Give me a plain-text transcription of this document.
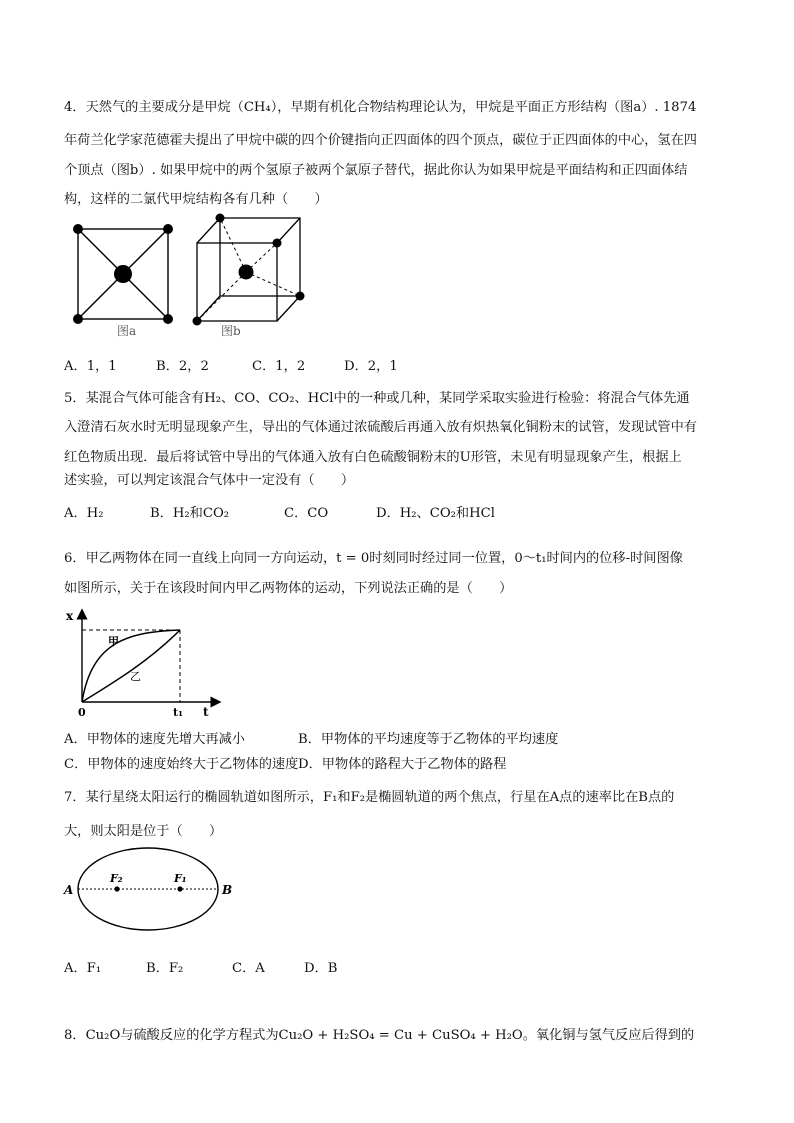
4．天然气的主要成分是甲烷（CH₄），早期有机化合物结构理论认为，甲烷是平面正方形结构（图a）. 1874
年荷兰化学家范德霍夫提出了甲烷中碳的四个价键指向正四面体的四个顶点，碳位于正四面体的中心，氢在四
个顶点（图b）. 如果甲烷中的两个氢原子被两个氯原子替代，据此你认为如果甲烷是平面结构和正四面体结
构，这样的二氯代甲烷结构各有几种（　　）
图a	图b
A．1，1	B．2，2	C．1，2	D．2，1
5．某混合气体可能含有H₂、CO、CO₂、HCl中的一种或几种，某同学采取实验进行检验：将混合气体先通
入澄清石灰水时无明显现象产生，导出的气体通过浓硫酸后再通入放有炽热氧化铜粉末的试管，发现试管中有
红色物质出现．最后将试管中导出的气体通入放有白色硫酸铜粉末的U形管，未见有明显现象产生，根据上
述实验，可以判定该混合气体中一定没有（　　）
A．H₂	B．H₂和CO₂	C．CO	D．H₂、CO₂和HCl
6．甲乙两物体在同一直线上向同一方向运动，t = 0时刻同时经过同一位置，0～t₁时间内的位移-时间图像
如图所示，关于在该段时间内甲乙两物体的运动，下列说法正确的是（　　）
x
t
0	t₁
甲
乙
A．甲物体的速度先增大再减小	B．甲物体的平均速度等于乙物体的平均速度
C．甲物体的速度始终大于乙物体的速度D．甲物体的路程大于乙物体的路程
7．某行星绕太阳运行的椭圆轨道如图所示，F₁和F₂是椭圆轨道的两个焦点，行星在A点的速率比在B点的
大，则太阳是位于（　　）
A	B
F₂	F₁
A．F₁	B．F₂	C．A	D．B
8．Cu₂O与硫酸反应的化学方程式为Cu₂O + H₂SO₄ = Cu + CuSO₄ + H₂O。氧化铜与氢气反应后得到的
